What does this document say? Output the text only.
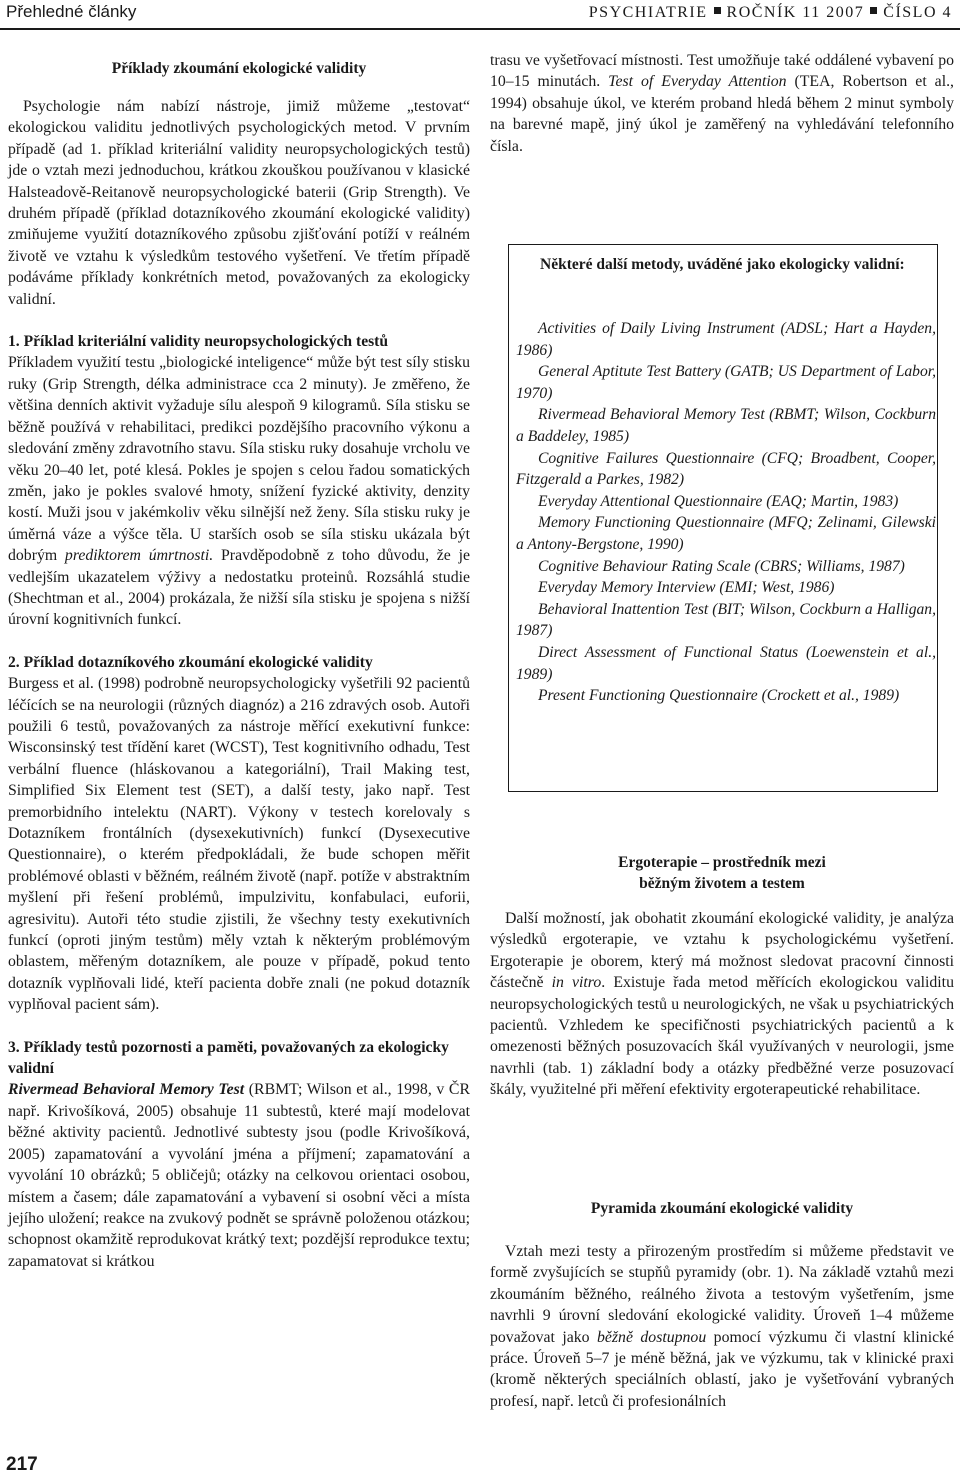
Přehledné články	PSYCHIATRIE ROČNÍK 11 2007 ČÍSLO 4

Příklady zkoumání ekologické validity

Psychologie nám nabízí nástroje, jimiž můžeme „testovat“ ekologickou validitu jednotlivých psychologických metod. V prvním případě (ad 1. příklad kriteriální validity neuropsychologických testů) jde o vztah mezi jednoduchou, krátkou zkouškou používanou v klasické Halsteadově-Reitanově neuropsychologické baterii (Grip Strength). Ve druhém případě (příklad dotazníkového zkoumání ekologické validity) zmiňujeme využití dotazníkového způsobu zjišťování potíží v reálném životě ve vztahu k výsledkům testového vyšetření. Ve třetím případě podáváme příklady konkrétních metod, považovaných za ekologicky validní.

1. Příklad kriteriální validity neuropsychologických testů

Příkladem využití testu „biologické inteligence“ může být test síly stisku ruky (Grip Strength, délka administrace cca 2 minuty). Je změřeno, že většina denních aktivit vyžaduje sílu alespoň 9 kilogramů. Síla stisku se běžně používá v rehabilitaci, predikci pozdějšího pracovního výkonu a sledování změny zdravotního stavu. Síla stisku ruky dosahuje vrcholu ve věku 20–40 let, poté klesá. Pokles je spojen s celou řadou somatických změn, jako je pokles svalové hmoty, snížení fyzické aktivity, denzity kostí. Muži jsou v jakémkoliv věku silnější než ženy. Síla stisku ruky je úměrná váze a výšce těla. U starších osob se síla stisku ukázala být dobrým prediktorem úmrtnosti. Pravděpodobně z toho důvodu, že je vedlejším ukazatelem výživy a nedostatku proteinů. Rozsáhlá studie (Shechtman et al., 2004) prokázala, že nižší síla stisku je spojena s nižší úrovní kognitivních funkcí.

2. Příklad dotazníkového zkoumání ekologické validity

Burgess et al. (1998) podrobně neuropsychologicky vyšetřili 92 pacientů léčících se na neurologii (různých diagnóz) a 216 zdravých osob. Autoři použili 6 testů, považovaných za nástroje měřící exekutivní funkce: Wisconsinský test třídění karet (WCST), Test kognitivního odhadu, Test verbální fluence (hláskovanou a kategoriální), Trail Making test, Simplified Six Element test (SET), a další testy, jako např. Test premorbidního intelektu (NART). Výkony v testech korelovaly s Dotazníkem frontálních (dysexekutivních) funkcí (Dysexecutive Questionnaire), o kterém předpokládali, že bude schopen měřit problémové oblasti v běžném, reálném životě (např. potíže v abstraktním myšlení při řešení problémů, impulzivitu, konfabulaci, euforii, agresivitu). Autoři této studie zjistili, že všechny testy exekutivních funkcí (oproti jiným testům) měly vztah k některým problémovým oblastem, měřeným dotazníkem, ale pouze v případě, pokud tento dotazník vyplňovali lidé, kteří pacienta dobře znali (ne pokud dotazník vyplňoval pacient sám).

3. Příklady testů pozornosti a paměti, považovaných za ekologicky validní

Rivermead Behavioral Memory Test (RBMT; Wilson et al., 1998, v ČR např. Krivošíková, 2005) obsahuje 11 subtestů, které mají modelovat běžné aktivity pacientů. Jednotlivé subtesty jsou (podle Krivošíková, 2005) zapamatování a vyvolání jména a příjmení; zapamatování a vyvolání 10 obrázků; 5 obličejů; otázky na celkovou orientaci osobou, místem a časem; dále zapamatování a vybavení si osobní věci a místa jejího uložení; reakce na zvukový podnět se správně položenou otázkou; schopnost okamžitě reprodukovat krátký text; pozdější reprodukce textu; zapamatovat si krátkou

trasu ve vyšetřovací místnosti. Test umožňuje také oddálené vybavení po 10–15 minutách. Test of Everyday Attention (TEA, Robertson et al., 1994) obsahuje úkol, ve kterém proband hledá během 2 minut symboly na barevné mapě, jiný úkol je zaměřený na vyhledávání telefonního čísla.

Některé další metody, uváděné jako ekologicky validní:

Activities of Daily Living Instrument (ADSL; Hart a Hayden, 1986)

General Aptitute Test Battery (GATB; US Department of Labor, 1970)

Rivermead Behavioral Memory Test (RBMT; Wilson, Cockburn a Baddeley, 1985)

Cognitive Failures Questionnaire (CFQ; Broadbent, Cooper, Fitzgerald a Parkes, 1982)

Everyday Attentional Questionnaire (EAQ; Martin, 1983)

Memory Functioning Questionnaire (MFQ; Zelinami, Gilewski a Antony-Bergstone, 1990)

Cognitive Behaviour Rating Scale (CBRS; Williams, 1987)

Everyday Memory Interview (EMI; West, 1986)

Behavioral Inattention Test (BIT; Wilson, Cockburn a Halligan, 1987)

Direct Assessment of Functional Status (Loewenstein et al., 1989)

Present Functioning Questionnaire (Crockett et al., 1989)

Ergoterapie – prostředník mezi

běžným životem a testem

Další možností, jak obohatit zkoumání ekologické validity, je analýza výsledků ergoterapie, ve vztahu k psychologickému vyšetření. Ergoterapie je oborem, který má možnost sledovat pracovní činnosti částečně in vitro. Existuje řada metod měřících ekologickou validitu neuropsychologických testů u neurologických, ne však u psychiatrických pacientů. Vzhledem ke specifičnosti psychiatrických pacientů a k omezenosti běžných posuzovacích škál využívaných v neurologii, jsme navrhli (tab. 1) základní body a otázky předběžné verze posuzovací škály, využitelné při měření efektivity ergoterapeutické rehabilitace.

Pyramida zkoumání ekologické validity

Vztah mezi testy a přirozeným prostředím si můžeme představit ve formě zvyšujících se stupňů pyramidy (obr. 1). Na základě vztahů mezi zkoumáním běžného, reálného života a testovým vyšetřením, jsme navrhli 9 úrovní sledování ekologické validity. Úroveň 1–4 můžeme považovat jako běžně dostupnou pomocí výzkumu či vlastní klinické práce. Úroveň 5–7 je méně běžná, jak ve výzkumu, tak v klinické praxi (kromě některých speciálních oblastí, jako je vyšetřování vybraných profesí, např. letců či profesionálních

217
